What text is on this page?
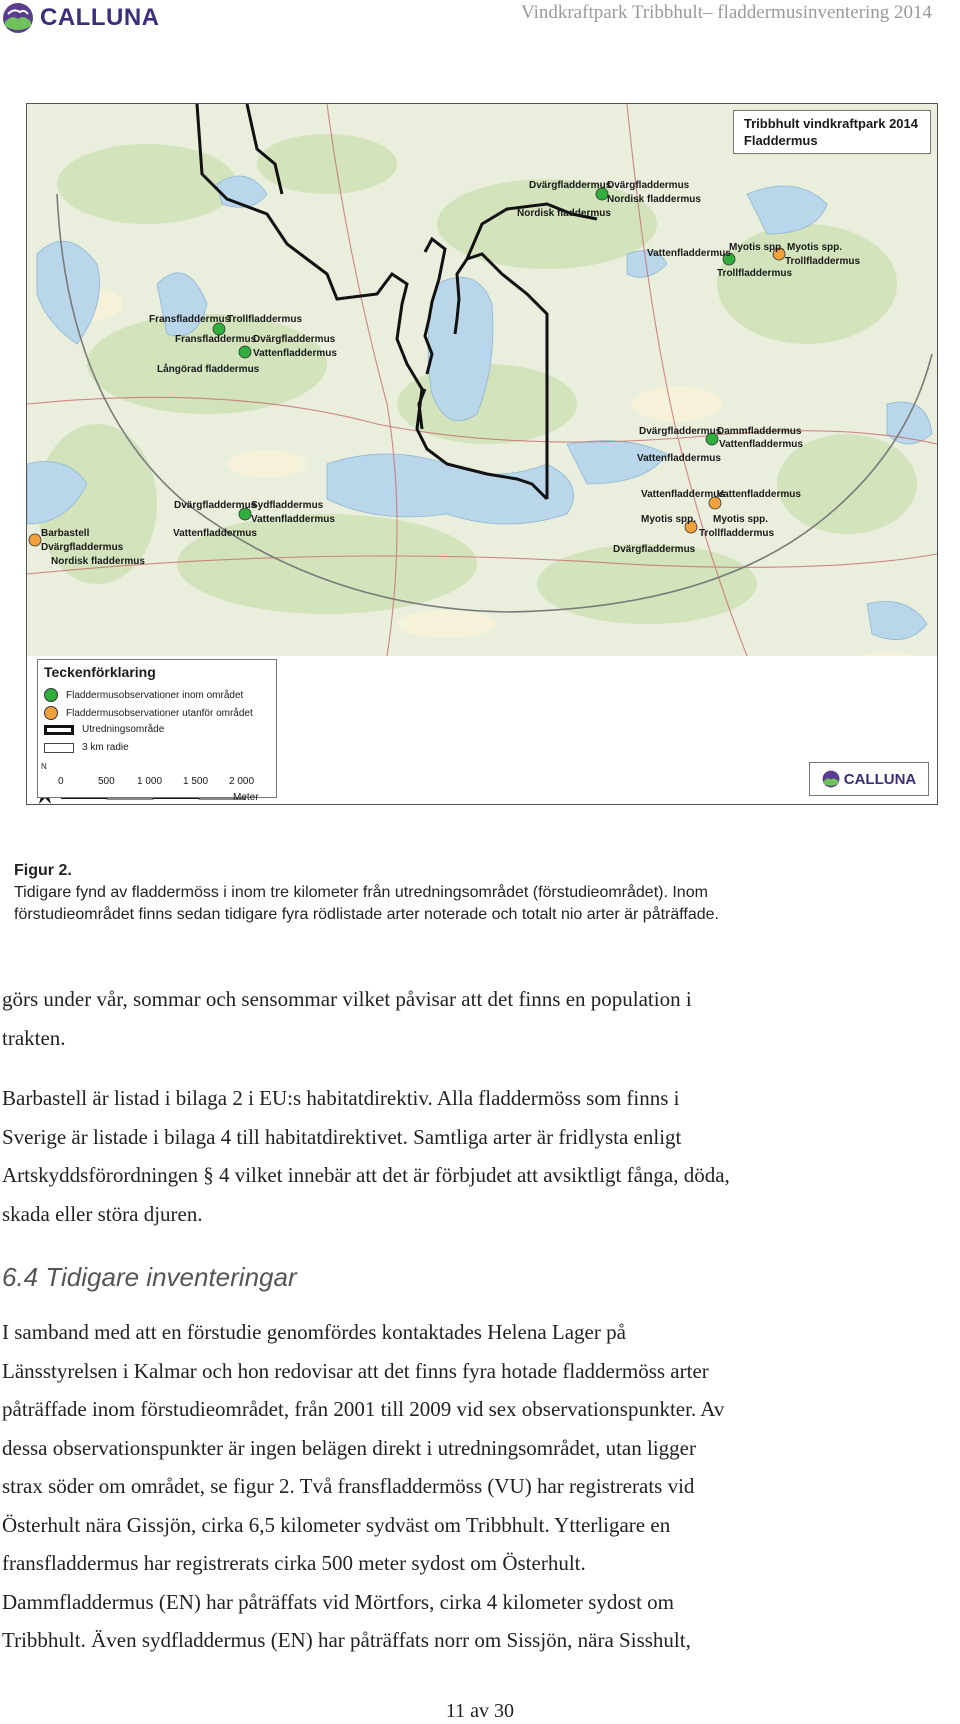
CALLUNA	Vindkraftpark Tribbhult– fladdermusinventering 2014
Dvärgfladdermus
Dvärgfladdermus
Nordisk fladdermus
Nordisk fladdermus
Vattenfladdermus
Myotis spp. Myotis spp.
Trollfladdermus
Trollfladdermus
Fransfladdermus
Trollfladdermus
Fransfladdermus
Dvärgfladdermus
Vattenfladdermus
Långörad fladdermus
Dvärgfladdermus
Dammfladdermus
Vattenfladdermus
Vattenfladdermus
Vattenfladdermus
Vattenfladdermus
Myotis spp. Myotis spp.
Trollfladdermus
Dvärgfladdermus
Dvärgfladdermus
Sydfladdermus
Vattenfladdermus
Vattenfladdermus
Barbastell
Dvärgfladdermus
Nordisk fladdermus
Tribbhult vindkraftpark 2014
Fladdermus
Teckenförklaring
Fladdermusobservationer inom området
Fladdermusobservationer utanför området
Utredningsområde
3 km radie
N
0	500 1 000 1 500 2 000
Meter
CALLUNA
Figur 2.
Tidigare fynd av fladdermöss i inom tre kilometer från utredningsområdet (förstudieområdet). Inom
förstudieområdet finns sedan tidigare fyra rödlistade arter noterade och totalt nio arter är påträffade.
görs under vår, sommar och sensommar vilket påvisar att det finns en population i
trakten.
Barbastell är listad i bilaga 2 i EU:s habitatdirektiv. Alla fladdermöss som finns i
Sverige är listade i bilaga 4 till habitatdirektivet. Samtliga arter är fridlysta enligt
Artskyddsförordningen § 4 vilket innebär att det är förbjudet att avsiktligt fånga, döda,
skada eller störa djuren.
6.4 Tidigare inventeringar
I samband med att en förstudie genomfördes kontaktades Helena Lager på
Länsstyrelsen i Kalmar och hon redovisar att det finns fyra hotade fladdermöss arter
påträffade inom förstudieområdet, från 2001 till 2009 vid sex observationspunkter. Av
dessa observationspunkter är ingen belägen direkt i utredningsområdet, utan ligger
strax söder om området, se figur 2. Två fransfladdermöss (VU) har registrerats vid
Österhult nära Gissjön, cirka 6,5 kilometer sydväst om Tribbhult. Ytterligare en
fransfladdermus har registrerats cirka 500 meter sydost om Österhult.
Dammfladdermus (EN) har påträffats vid Mörtfors, cirka 4 kilometer sydost om
Tribbhult. Även sydfladdermus (EN) har påträffats norr om Sissjön, nära Sisshult,
11 av 30
